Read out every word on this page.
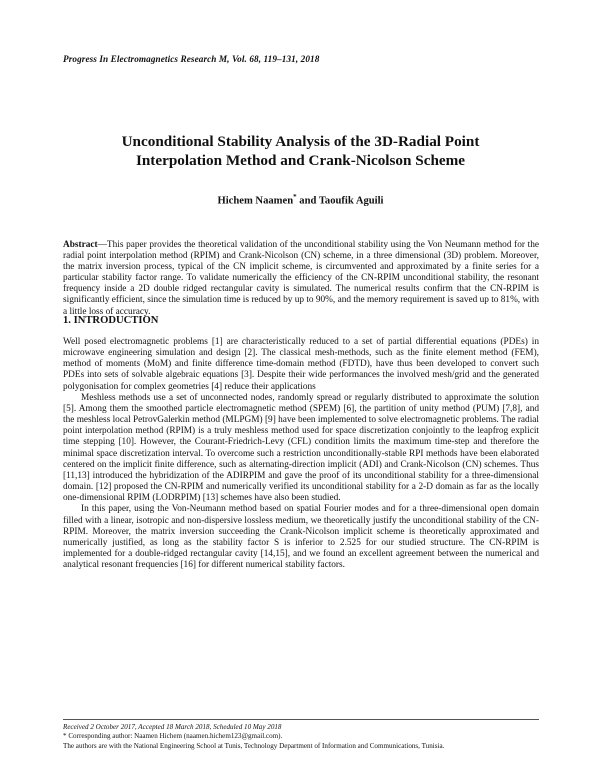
Progress In Electromagnetics Research M, Vol. 68, 119–131, 2018
Unconditional Stability Analysis of the 3D-Radial Point
Interpolation Method and Crank-Nicolson Scheme
Hichem Naamen* and Taoufik Aguili
Abstract—This paper provides the theoretical validation of the unconditional stability using the Von Neumann method for the radial point interpolation method (RPIM) and Crank-Nicolson (CN) scheme, in a three dimensional (3D) problem. Moreover, the matrix inversion process, typical of the CN implicit scheme, is circumvented and approximated by a finite series for a particular stability factor range. To validate numerically the efficiency of the CN-RPIM unconditional stability, the resonant frequency inside a 2D double ridged rectangular cavity is simulated. The numerical results confirm that the CN-RPIM is significantly efficient, since the simulation time is reduced by up to 90%, and the memory requirement is saved up to 81%, with a little loss of accuracy.
1. INTRODUCTION

Well posed electromagnetic problems [1] are characteristically reduced to a set of partial differential equations (PDEs) in microwave engineering simulation and design [2]. The classical mesh-methods, such as the finite element method (FEM), method of moments (MoM) and finite difference time-domain method (FDTD), have thus been developed to convert such PDEs into sets of solvable algebraic equations [3]. Despite their wide performances the involved mesh/grid and the generated polygonisation for complex geometries [4] reduce their applications

Meshless methods use a set of unconnected nodes, randomly spread or regularly distributed to approximate the solution [5]. Among them the smoothed particle electromagnetic method (SPEM) [6], the partition of unity method (PUM) [7,8], and the meshless local PetrovGalerkin method (MLPGM) [9] have been implemented to solve electromagnetic problems. The radial point interpolation method (RPIM) is a truly meshless method used for space discretization conjointly to the leapfrog explicit time stepping [10]. However, the Courant-Friedrich-Levy (CFL) condition limits the maximum time-step and therefore the minimal space discretization interval. To overcome such a restriction unconditionally-stable RPI methods have been elaborated centered on the implicit finite difference, such as alternating-direction implicit (ADI) and Crank-Nicolson (CN) schemes. Thus [11,13] introduced the hybridization of the ADIRPIM and gave the proof of its unconditional stability for a three-dimensional domain. [12] proposed the CN-RPIM and numerically verified its unconditional stability for a 2-D domain as far as the locally one-dimensional RPIM (LODRPIM) [13] schemes have also been studied.

In this paper, using the Von-Neumann method based on spatial Fourier modes and for a three-dimensional open domain filled with a linear, isotropic and non-dispersive lossless medium, we theoretically justify the unconditional stability of the CN-RPIM. Moreover, the matrix inversion succeeding the Crank-Nicolson implicit scheme is theoretically approximated and numerically justified, as long as the stability factor S is inferior to 2.525 for our studied structure. The CN-RPIM is implemented for a double-ridged rectangular cavity [14,15], and we found an excellent agreement between the numerical and analytical resonant frequencies [16] for different numerical stability factors.

Received 2 October 2017, Accepted 18 March 2018, Scheduled 10 May 2018
* Corresponding author: Naamen Hichem (naamen.hichem123@gmail.com).
The authors are with the National Engineering School at Tunis, Technology Department of Information and Communications, Tunisia.
